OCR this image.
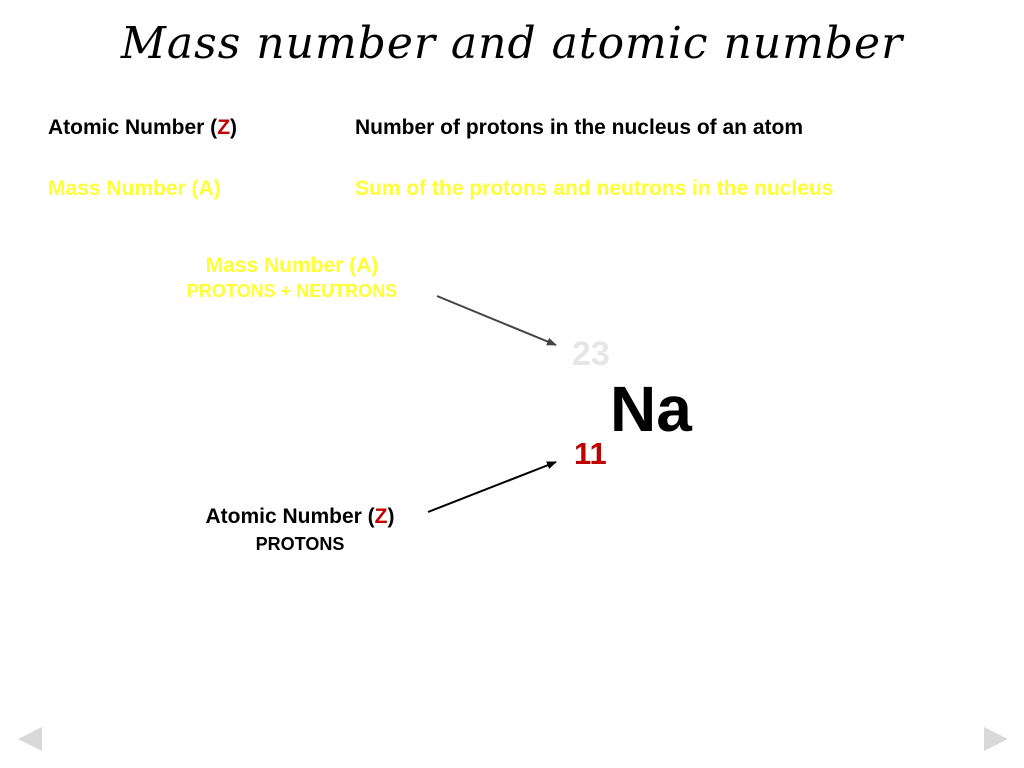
Mass number and atomic number
Atomic Number (Z)	Number of protons in the nucleus of an atom
Mass Number (A)	Sum of the protons and neutrons in the nucleus
Mass Number (A)
PROTONS + NEUTRONS
Atomic Number (Z)
PROTONS
23
Na
11
